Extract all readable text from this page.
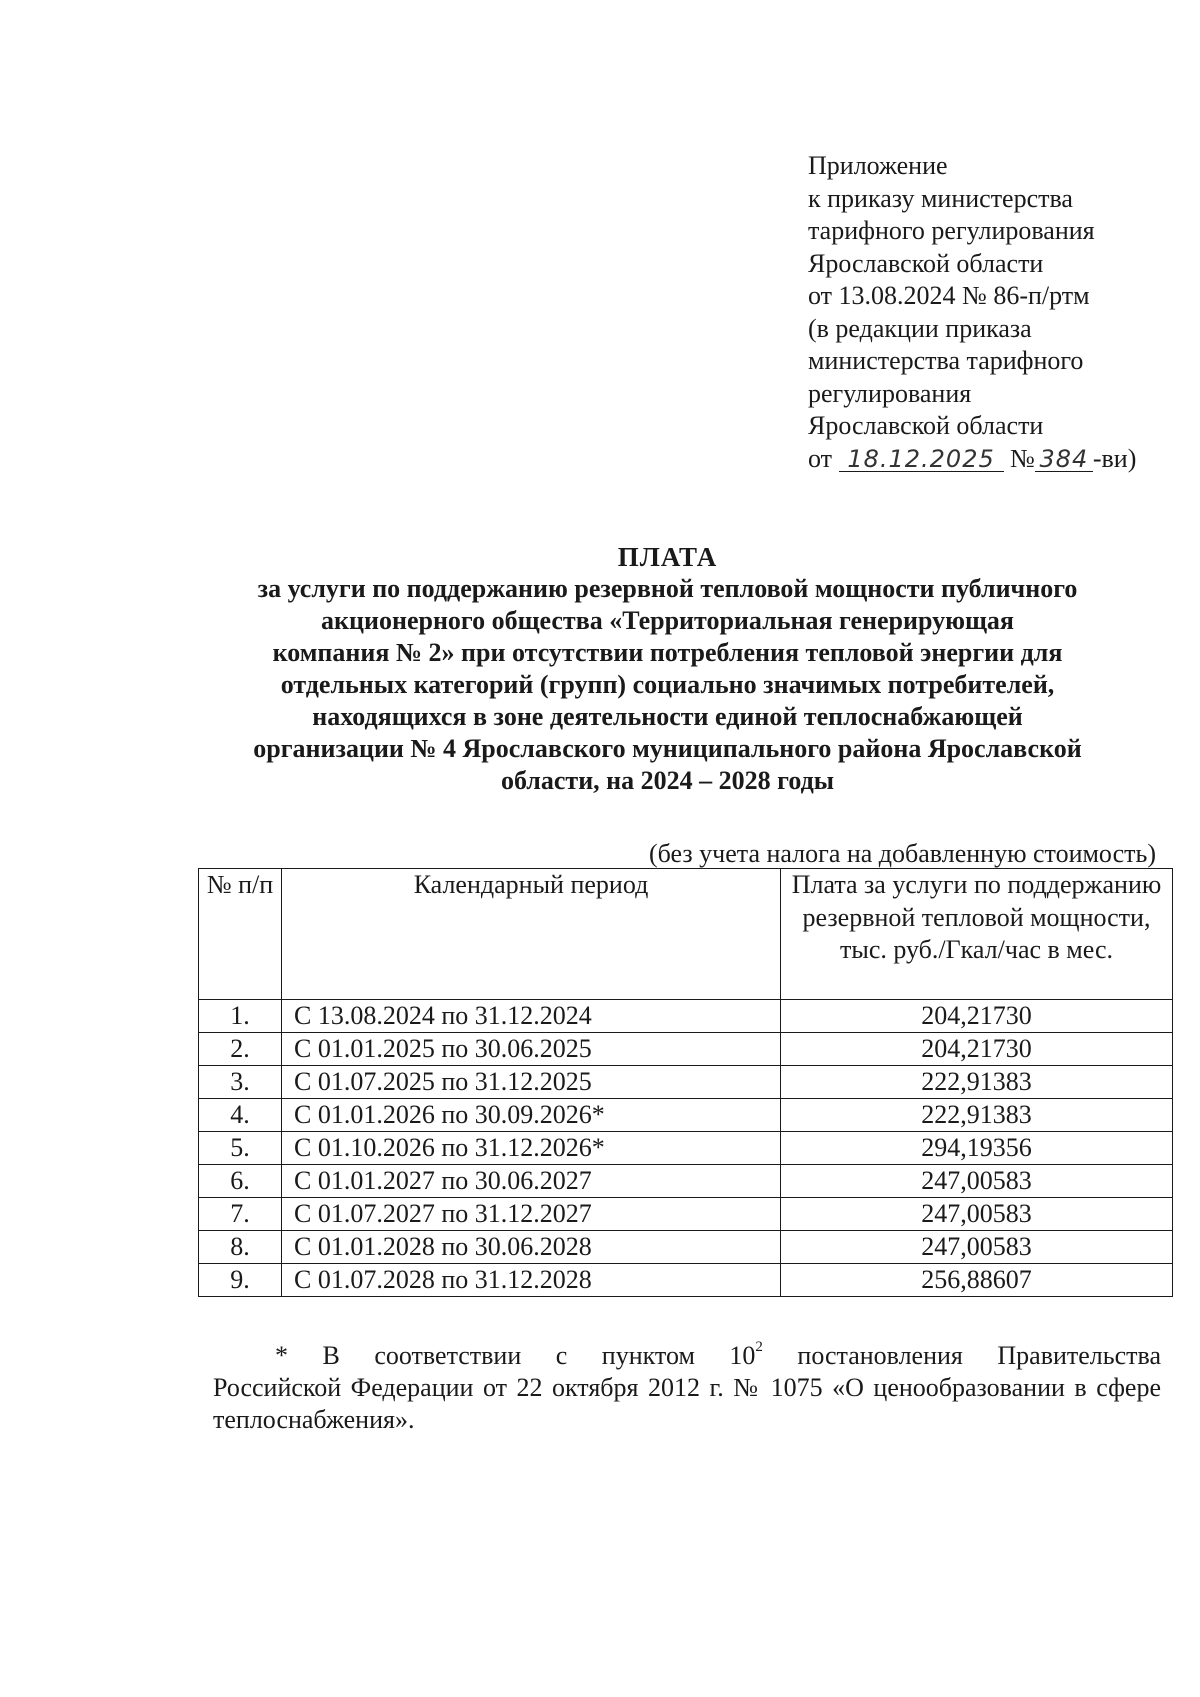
Приложение
к приказу министерства
тарифного регулирования
Ярославской области
от 13.08.2024 № 86-п/ртм
(в редакции приказа
министерства тарифного
регулирования
Ярославской области
от 18.12.2025 № 384 -ви)
ПЛАТА
за услуги по поддержанию резервной тепловой мощности публичного
акционерного общества «Территориальная генерирующая
компания № 2» при отсутствии потребления тепловой энергии для
отдельных категорий (групп) социально значимых потребителей,
находящихся в зоне деятельности единой теплоснабжающей
организации № 4 Ярославского муниципального района Ярославской
области, на 2024 – 2028 годы
(без учета налога на добавленную стоимость)
№ п/п	Календарный период	Плата за услуги по поддержанию резервной тепловой мощности, тыс. руб./Гкал/час в мес.
1.	С 13.08.2024 по 31.12.2024	204,21730
2.	С 01.01.2025 по 30.06.2025	204,21730
3.	С 01.07.2025 по 31.12.2025	222,91383
4.	С 01.01.2026 по 30.09.2026*	222,91383
5.	С 01.10.2026 по 31.12.2026*	294,19356
6.	С 01.01.2027 по 30.06.2027	247,00583
7.	С 01.07.2027 по 31.12.2027	247,00583
8.	С 01.01.2028 по 30.06.2028	247,00583
9.	С 01.07.2028 по 31.12.2028	256,88607
* В соответствии с пунктом $10^2$ постановления Правительства
Российской Федерации от 22 октября 2012 г. № 1075 «О ценообразовании в сфере теплоснабжения».
